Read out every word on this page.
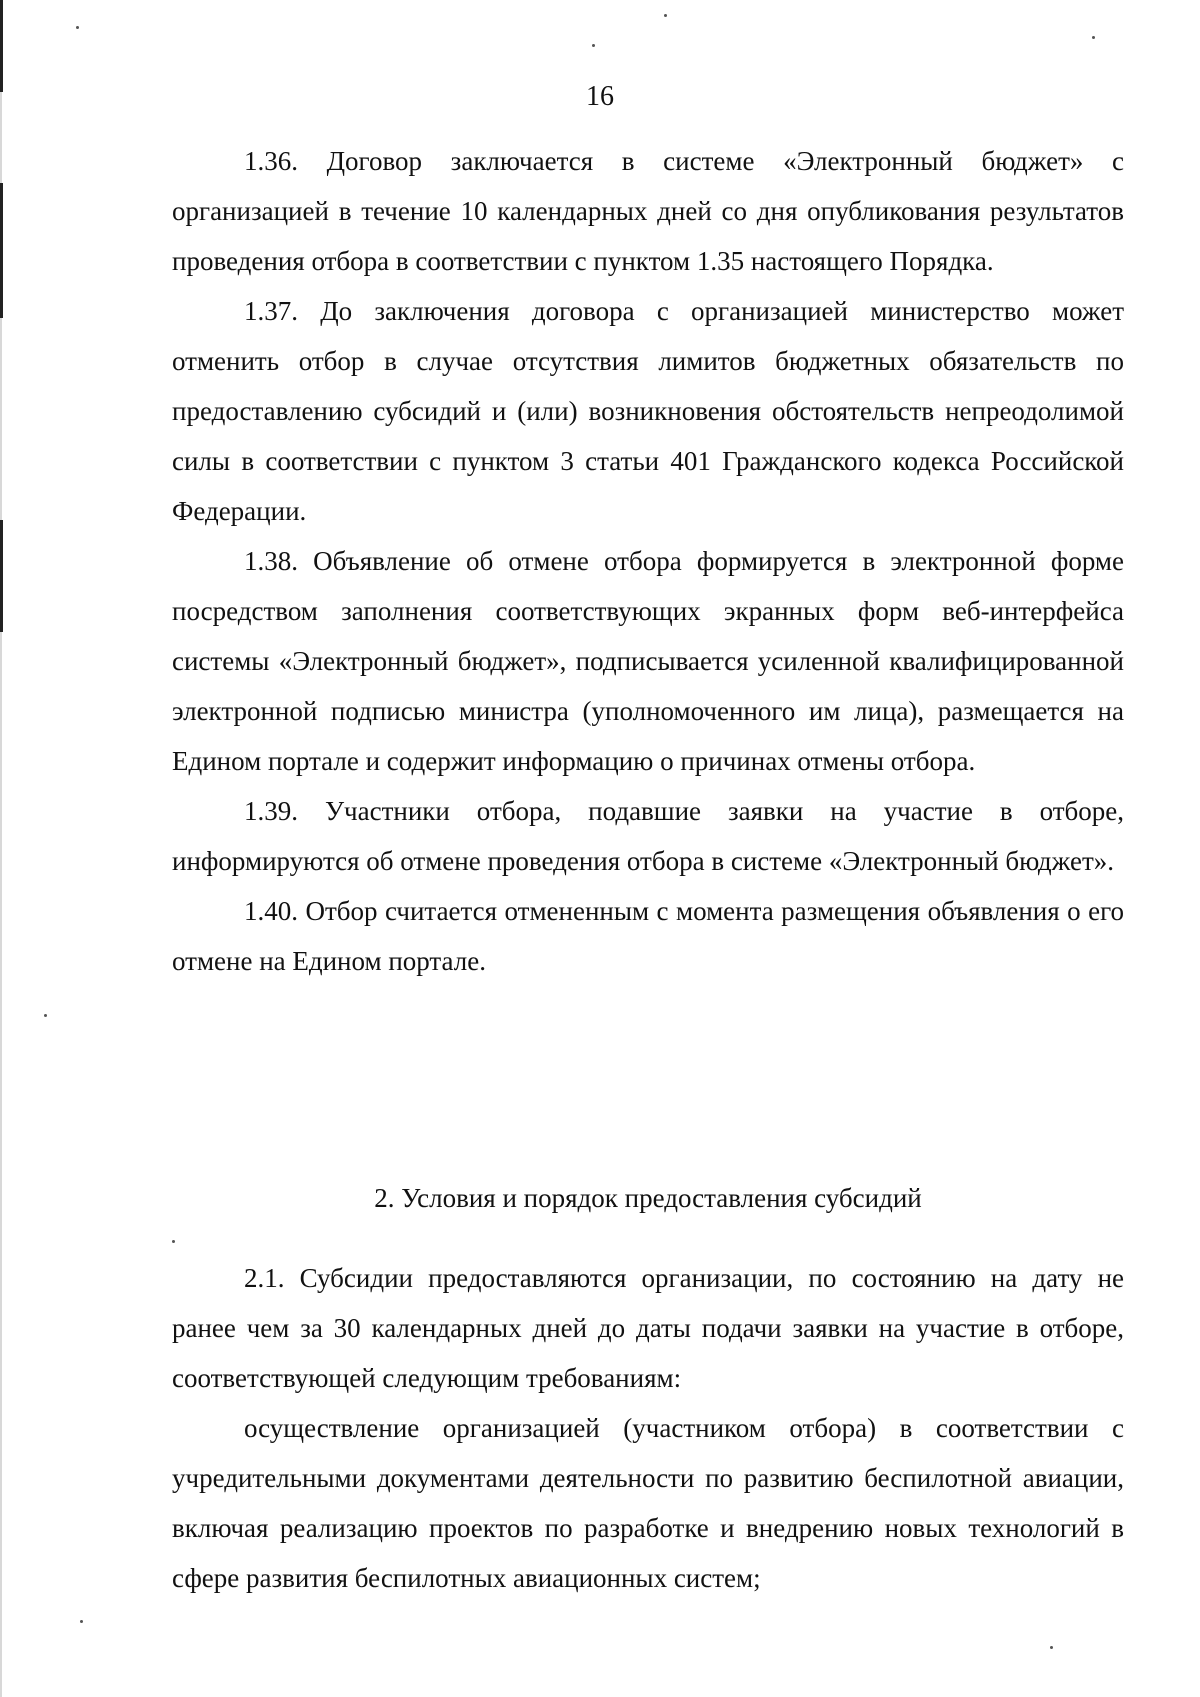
16

1.36. Договор заключается в системе «Электронный бюджет» с организацией в течение 10 календарных дней со дня опубликования результатов проведения отбора в соответствии с пунктом 1.35 настоящего Порядка.

1.37. До заключения договора с организацией министерство может отменить отбор в случае отсутствия лимитов бюджетных обязательств по предоставлению субсидий и (или) возникновения обстоятельств непреодолимой силы в соответствии с пунктом 3 статьи 401 Гражданского кодекса Российской Федерации.

1.38. Объявление об отмене отбора формируется в электронной форме посредством заполнения соответствующих экранных форм веб-интерфейса системы «Электронный бюджет», подписывается усиленной квалифицированной электронной подписью министра (уполномоченного им лица), размещается на Едином портале и содержит информацию о причинах отмены отбора.

1.39. Участники отбора, подавшие заявки на участие в отборе, информируются об отмене проведения отбора в системе «Электронный бюджет».

1.40. Отбор считается отмененным с момента размещения объявления о его отмене на Едином портале.

2. Условия и порядок предоставления субсидий

2.1. Субсидии предоставляются организации, по состоянию на дату не ранее чем за 30 календарных дней до даты подачи заявки на участие в отборе, соответствующей следующим требованиям:

осуществление организацией (участником отбора) в соответствии с учредительными документами деятельности по развитию беспилотной авиации, включая реализацию проектов по разработке и внедрению новых технологий в сфере развития беспилотных авиационных систем;
